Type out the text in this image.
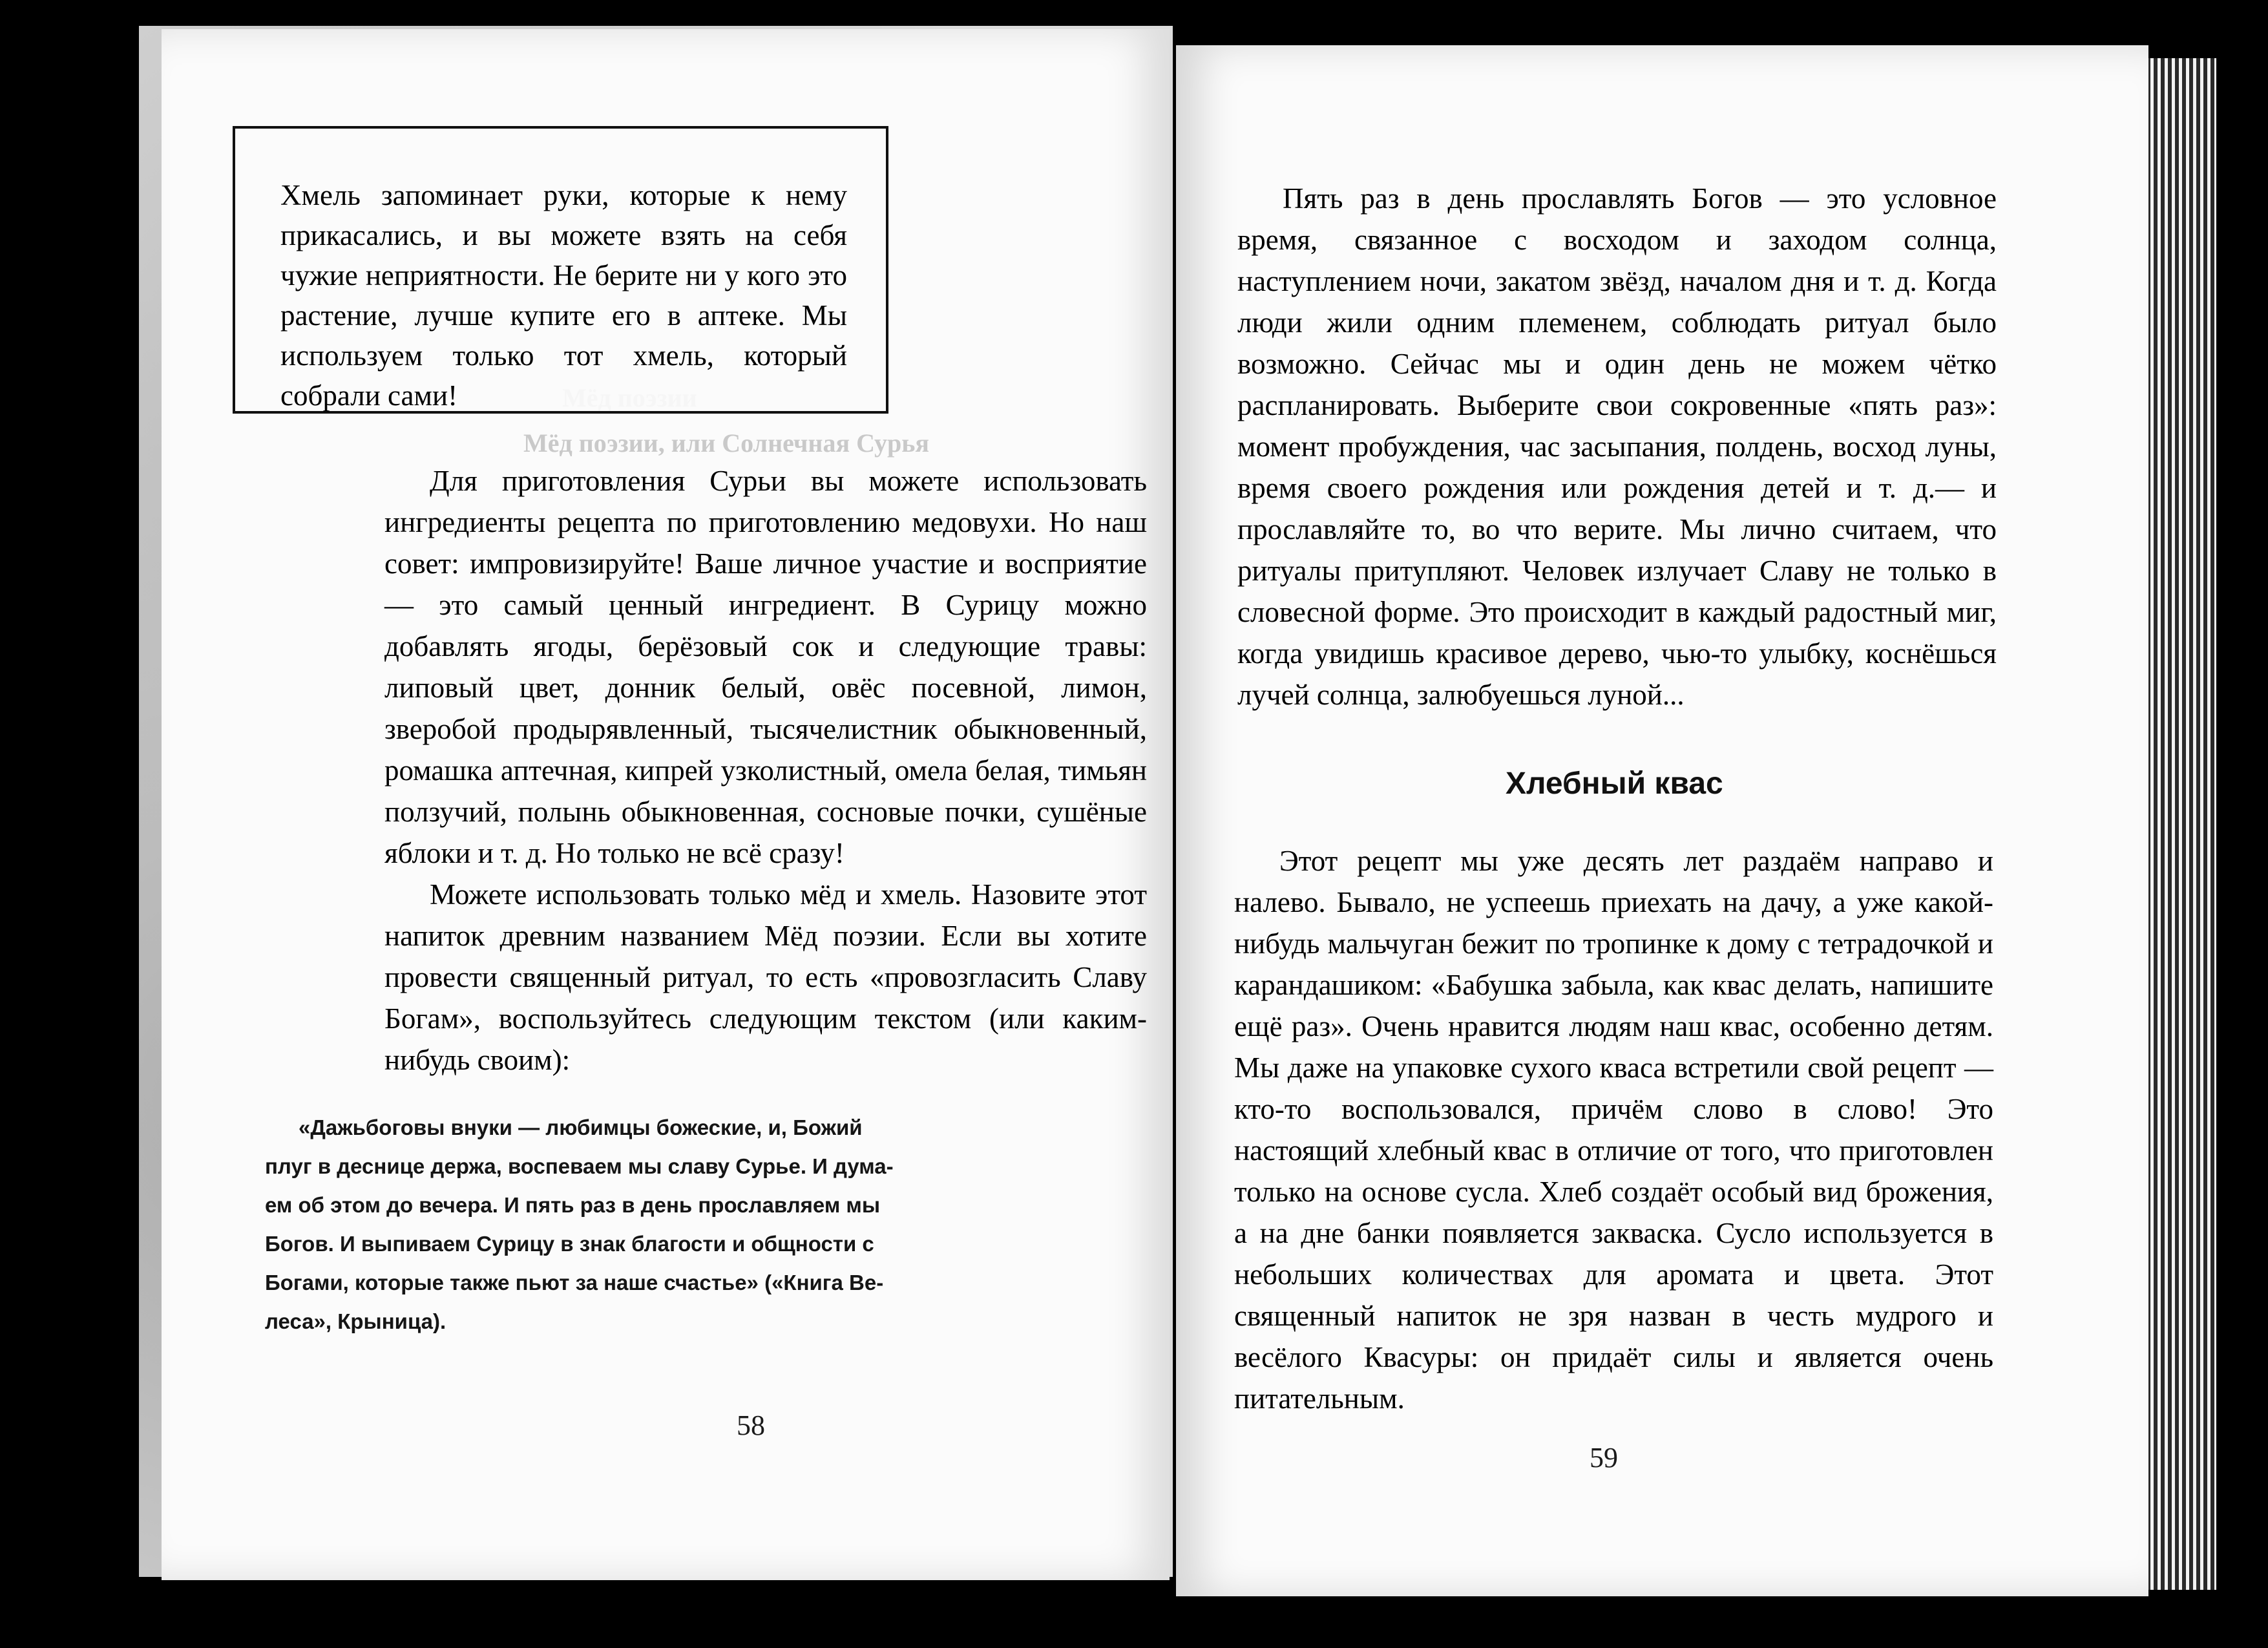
Мёд поэзии, или Солнечная Сурья
Хмель запоминает руки, которые к нему прикасались, и вы можете взять на себя чужие неприятности. Не берите ни у кого это растение, лучше купите его в аптеке. Мы используем только тот хмель, который собрали сами!

Для приготовления Сурьи вы можете использовать ингредиенты рецепта по приготовлению медовухи. Но наш совет: импровизируйте! Ваше личное участие и восприятие — это самый ценный ингредиент. В Сурицу можно добавлять ягоды, берёзовый сок и следующие травы: липовый цвет, донник белый, овёс посевной, лимон, зверобой продырявленный, тысячелистник обыкновенный, ромашка аптечная, кипрей узколистный, омела белая, тимьян ползучий, полынь обыкновенная, сосновые почки, сушёные яблоки и т. д. Но только не всё сразу!

Можете использовать только мёд и хмель. Назовите этот напиток древним названием Мёд поэзии. Если вы хотите провести священный ритуал, то есть «провозгласить Славу Богам», воспользуйтесь следующим текстом (или каким-нибудь своим):

«Дажьбоговы внуки — любимцы божеские, и, Божий
плуг в деснице держа, воспеваем мы славу Сурье. И дума-
ем об этом до вечера. И пять раз в день прославляем мы
Богов. И выпиваем Сурицу в знак благости и общности с
Богами, которые также пьют за наше счастье» («Книга Ве-
леса», Крыница).
58

Пять раз в день прославлять Богов — это условное время, связанное с восходом и заходом солнца, наступлением ночи, закатом звёзд, началом дня и т. д. Когда люди жили одним племенем, соблюдать ритуал было возможно. Сейчас мы и один день не можем чётко распланировать. Выберите свои сокровенные «пять раз»: момент пробуждения, час засыпания, полдень, восход луны, время своего рождения или рождения детей и т. д.— и прославляйте то, во что верите. Мы лично считаем, что ритуалы притупляют. Человек излучает Славу не только в словесной форме. Это происходит в каждый радостный миг, когда увидишь красивое дерево, чью-то улыбку, коснёшься лучей солнца, залюбуешься луной...

Хлебный квас

Этот рецепт мы уже десять лет раздаём направо и налево. Бывало, не успеешь приехать на дачу, а уже какой-нибудь мальчуган бежит по тропинке к дому с тетрадочкой и карандашиком: «Бабушка забыла, как квас делать, напишите ещё раз». Очень нравится людям наш квас, особенно детям. Мы даже на упаковке сухого кваса встретили свой рецепт — кто-то воспользовался, причём слово в слово! Это настоящий хлебный квас в отличие от того, что приготовлен только на основе сусла. Хлеб создаёт особый вид брожения, а на дне банки появляется закваска. Сусло используется в небольших количествах для аромата и цвета. Этот священный напиток не зря назван в честь мудрого и весёлого Квасуры: он придаёт силы и является очень питательным.

59
